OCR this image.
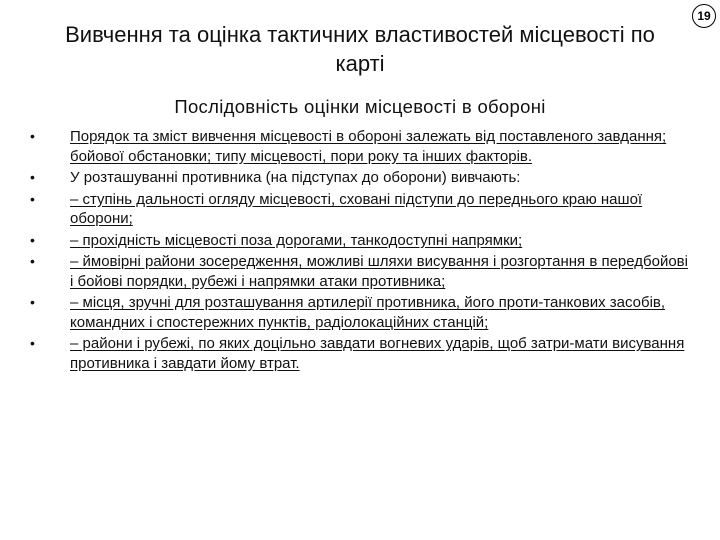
19
Вивчення та оцінка тактичних властивостей місцевості по карті
Послідовність оцінки місцевості в обороні
• Порядок та зміст вивчення місцевості в обороні залежать від поставленого завдання; бойової обстановки; типу місцевості, пори року та інших факторів.
• У розташуванні противника (на підступах до оборони) вивчають:
• – ступінь дальності огляду місцевості, сховані підступи до переднього краю нашої оборони;
• – прохідність місцевості поза дорогами, танкодоступні напрямки;
• – ймовірні райони зосередження, можливі шляхи висування і розгортання в передбойові і бойові порядки, рубежі і напрямки атаки противника;
• – місця, зручні для розташування артилерії противника, його проти-танкових засобів, командних і спостережних пунктів, радіолокаційних станцій;
• – райони і рубежі, по яких доцільно завдати вогневих ударів, щоб затри-мати висування противника і завдати йому втрат.
